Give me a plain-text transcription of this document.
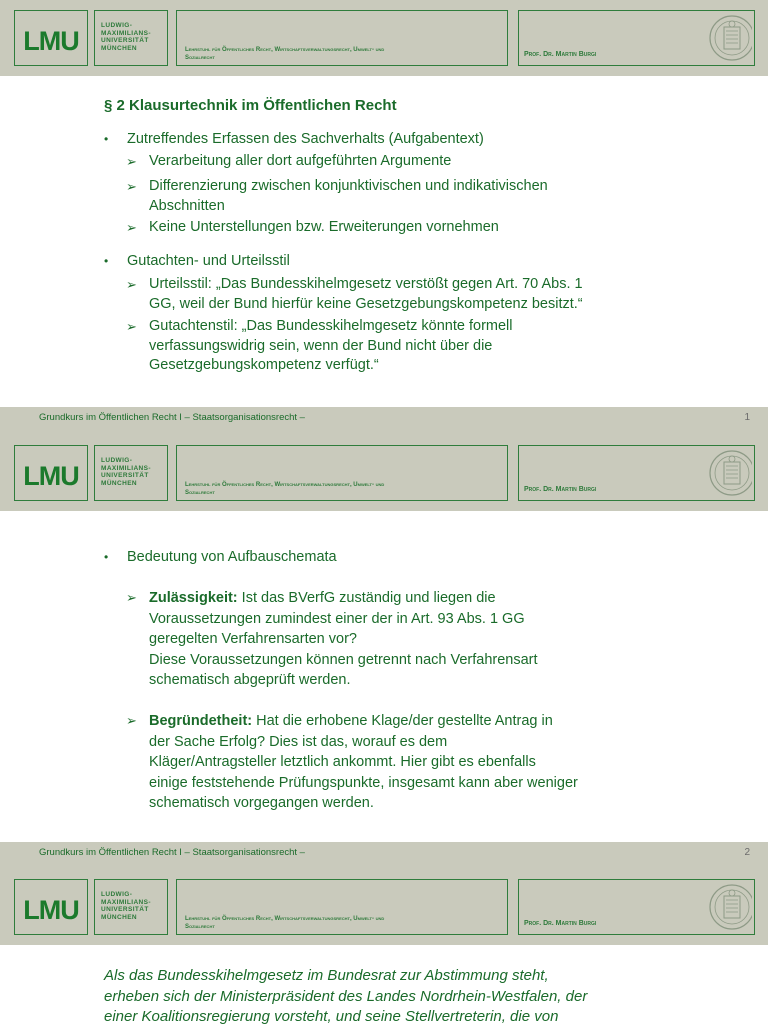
LMU
LUDWIG-
MAXIMILIANS-
UNIVERSITÄT
MÜNCHEN	Lehrstuhl für Öffentliches Recht, Wirtschaftsverwaltungsrecht, Umwelt- und
Sozialrecht	Prof. Dr. Martin Burgi
§ 2 Klausurtechnik im Öffentlichen Recht
• Zutreffendes Erfassen des Sachverhalts (Aufgabentext)
➢ Verarbeitung aller dort aufgeführten Argumente
➢ Differenzierung zwischen konjunktivischen und indikativischen
Abschnitten
➢ Keine Unterstellungen bzw. Erweiterungen vornehmen
• Gutachten- und Urteilsstil
➢ Urteilsstil: „Das Bundesskihelmgesetz verstößt gegen Art. 70 Abs. 1
GG, weil der Bund hierfür keine Gesetzgebungskompetenz besitzt.“
➢ Gutachtenstil: „Das Bundesskihelmgesetz könnte formell
verfassungswidrig sein, wenn der Bund nicht über die
Gesetzgebungskompetenz verfügt.“
Grundkurs im Öffentlichen Recht I – Staatsorganisationsrecht –	1
LMU
LUDWIG-
MAXIMILIANS-
UNIVERSITÄT
MÜNCHEN	Lehrstuhl für Öffentliches Recht, Wirtschaftsverwaltungsrecht, Umwelt- und
Sozialrecht	Prof. Dr. Martin Burgi
• Bedeutung von Aufbauschemata
➢ Zulässigkeit: Ist das BVerfG zuständig und liegen die
Voraussetzungen zumindest einer der in Art. 93 Abs. 1 GG
geregelten Verfahrensarten vor?
Diese Voraussetzungen können getrennt nach Verfahrensart
schematisch abgeprüft werden.
➢ Begründetheit: Hat die erhobene Klage/der gestellte Antrag in
der Sache Erfolg? Dies ist das, worauf es dem
Kläger/Antragsteller letztlich ankommt. Hier gibt es ebenfalls
einige feststehende Prüfungspunkte, insgesamt kann aber weniger
schematisch vorgegangen werden.
Grundkurs im Öffentlichen Recht I – Staatsorganisationsrecht –	2
LMU
LUDWIG-
MAXIMILIANS-
UNIVERSITÄT
MÜNCHEN	Lehrstuhl für Öffentliches Recht, Wirtschaftsverwaltungsrecht, Umwelt- und
Sozialrecht	Prof. Dr. Martin Burgi
Als das Bundesskihelmgesetz im Bundesrat zur Abstimmung steht,
erheben sich der Ministerpräsident des Landes Nordrhein-Westfalen, der
einer Koalitionsregierung vorsteht, und seine Stellvertreterin, die von
